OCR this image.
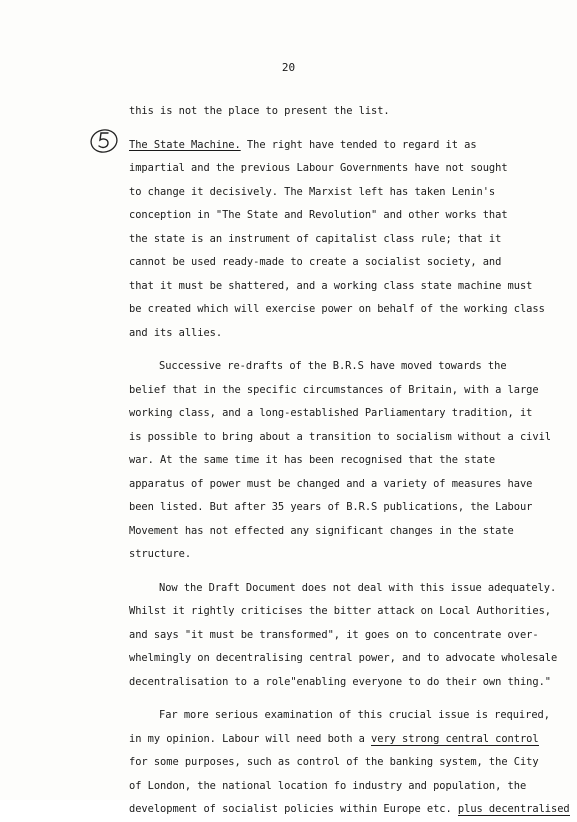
20
this is not the place to present the list.
The State Machine. The right have tended to regard it as
impartial and the previous Labour Governments have not sought
to change it decisively. The Marxist left has taken Lenin's
conception in "The State and Revolution" and other works that
the state is an instrument of capitalist class rule; that it
cannot be used ready-made to create a socialist society, and
that it must be shattered, and a working class state machine must
be created which will exercise power on behalf of the working class
and its allies.
Successive re-drafts of the B.R.S have moved towards the
belief that in the specific circumstances of Britain, with a large
working class, and a long-established Parliamentary tradition, it
is possible to bring about a transition to socialism without a civil
war. At the same time it has been recognised that the state
apparatus of power must be changed and a variety of measures have
been listed. But after 35 years of B.R.S publications, the Labour
Movement has not effected any significant changes in the state
structure.
Now the Draft Document does not deal with this issue adequately.
Whilst it rightly criticises the bitter attack on Local Authorities,
and says "it must be transformed", it goes on to concentrate over-
whelmingly on decentralising central power, and to advocate wholesale
decentralisation to a role"enabling everyone to do their own thing."
Far more serious examination of this crucial issue is required,
in my opinion. Labour will need both a very strong central control
for some purposes, such as control of the banking system, the City
of London, the national location fo industry and population, the
development of socialist policies within Europe etc. plus decentralised
